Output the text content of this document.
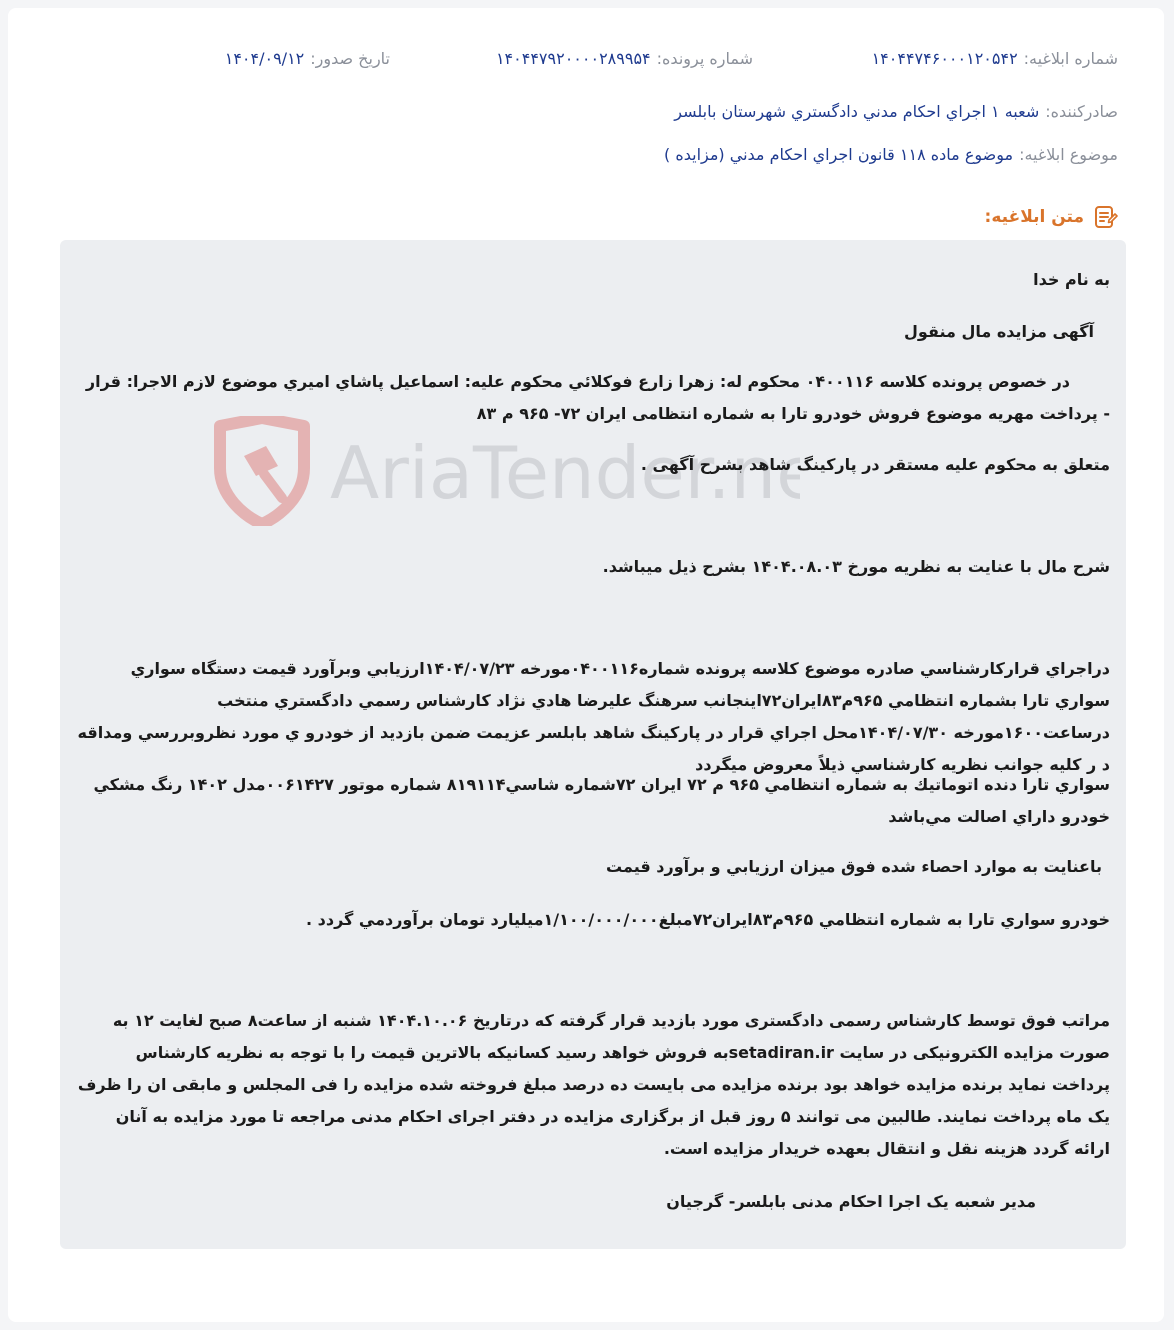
شماره ابلاغیه:۱۴۰۴۴۷۴۶۰۰۰۱۲۰۵۴۲
شماره پرونده:۱۴۰۴۴۷۹۲۰۰۰۰۲۸۹۹۵۴
تاریخ صدور:۱۴۰۴/۰۹/۱۲
صادرکننده:
شعبه ۱ اجراي احکام مدني دادگستري شهرستان بابلسر
موضوع ابلاغیه:
موضوع ماده ۱۱۸ قانون اجراي احکام مدني (مزايده )
متن ابلاغیه:
AriaTender.ne
به نام خدا
آگهی مزایده مال منقول
در خصوص پرونده کلاسه ۰۴۰۰۱۱۶ محکوم له: زهرا زارع فوکلائي محکوم عليه: اسماعيل پاشاي اميري موضوع لازم الاجرا: قرار - پرداخت مهريه موضوع فروش خودرو تارا به شماره انتظامی ایران ۷۲- ۹۶۵ م ۸۳
متعلق به محکوم علیه مستقر در پارکینگ شاهد بشرح آگهی .
شرح مال با عنایت به نظریه مورخ ۱۴۰۴.۰۸.۰۳ بشرح ذیل میباشد.
دراجراي قرارکارشناسي صادره موضوع کلاسه پرونده شماره۰۴۰۰۱۱۶مورخه ۱۴۰۴/۰۷/۲۳ارزيابي وبرآورد قيمت دستگاه سواري سواري تارا بشماره انتظامي ۹۶۵م۸۳ايران۷۲اينجانب سرهنگ عليرضا هادي نژاد کارشناس رسمي دادگستري منتخب درساعت۱۶۰۰مورخه ۱۴۰۴/۰۷/۳۰محل اجراي قرار در پارکينگ شاهد بابلسر عزيمت ضمن بازديد از خودرو ي مورد نظروبررسي ومداقه د ر کليه جوانب نظريه کارشناسي ذيلاً معروض ميگردد
سواري تارا دنده اتوماتيك به شماره انتظامي ۹۶۵ م ۷۲ ايران ۷۲شماره شاسي۸۱۹۱۱۴ شماره موتور ۰۰۶۱۴۲۷مدل ۱۴۰۲ رنگ مشکي خودرو داراي اصالت مي‌باشد
باعنايت به موارد احصاء شده فوق ميزان ارزيابي و برآورد قيمت
خودرو سواري تارا به شماره انتظامي ۹۶۵م۸۳ايران۷۲مبلغ۱/۱۰۰/۰۰۰/۰۰۰ميليارد تومان برآوردمي گردد .
مراتب فوق توسط کارشناس رسمی دادگستری مورد بازدید قرار گرفته که درتاریخ ۱۴۰۴.۱۰.۰۶ شنبه از ساعت۸ صبح لغایت ۱۲ به صورت مزایده الکترونیکی در سایت setadiran.irبه فروش خواهد رسید کسانیکه بالاترین قیمت را با توجه به نظریه کارشناس پرداخت نماید برنده مزایده خواهد بود برنده مزایده می بایست ده درصد مبلغ فروخته شده مزایده را فی المجلس و مابقی ان را ظرف یک ماه پرداخت نمایند. طالبین می توانند ۵ روز قبل از برگزاری مزایده در دفتر اجرای احکام مدنی مراجعه تا مورد مزایده به آنان ارائه گردد هزینه نقل و انتقال بعهده خریدار مزایده است.
مدیر شعبه یک اجرا احکام مدنی بابلسر- گرجیان
